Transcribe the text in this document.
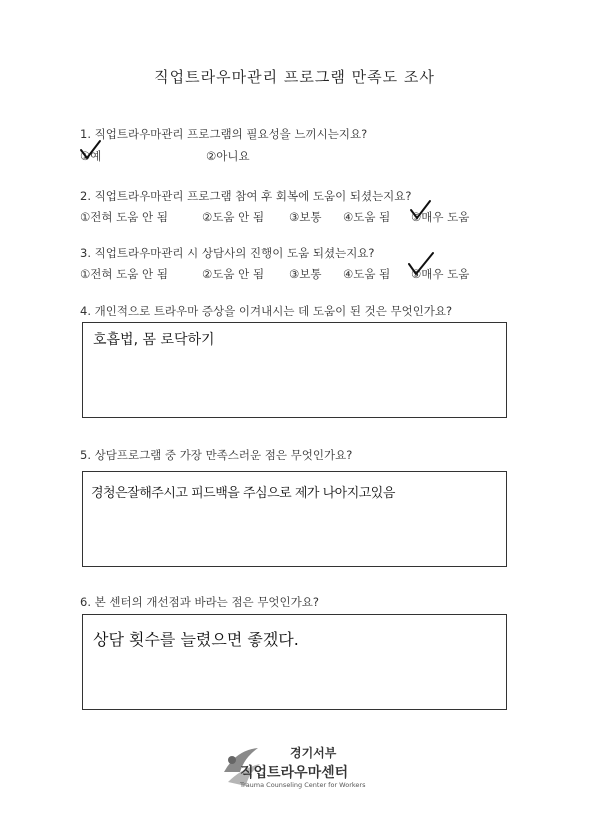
직업트라우마관리 프로그램 만족도 조사
1. 직업트라우마관리 프로그램의 필요성을 느끼시는지요?
①예	②아니요
2. 직업트라우마관리 프로그램 참여 후 회복에 도움이 되셨는지요?
①전혀 도움 안 됨	②도움 안 됨 ③보통 ④도움 됨 ⑤매우 도움
3. 직업트라우마관리 시 상담사의 진행이 도움 되셨는지요?
①전혀 도움 안 됨	②도움 안 됨 ③보통 ④도움 됨 ⑤매우 도움
4. 개인적으로 트라우마 증상을 이겨내시는 데 도움이 된 것은 무엇인가요?
호흡법, 몸 로닥하기
5. 상담프로그램 중 가장 만족스러운 점은 무엇인가요?
경청은잘해주시고 피드백을 주심으로 제가 나아지고있음
6. 본 센터의 개선점과 바라는 점은 무엇인가요?
상담 횟수를 늘렸으면 좋겠다.
경기서부
직업트라우마센터
Trauma Counseling Center for Workers
